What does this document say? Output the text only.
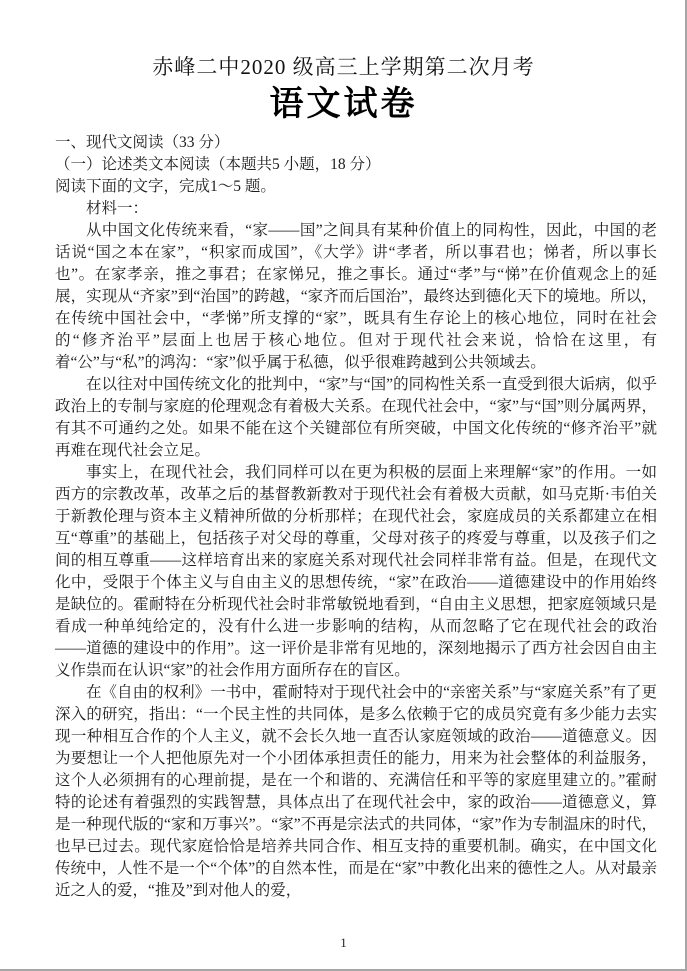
赤峰二中2020 级高三上学期第二次月考
语文试卷
一、现代文阅读（33 分）
（一）论述类文本阅读（本题共5 小题，18 分）
阅读下面的文字，完成1～5 题。
材料一：

从中国文化传统来看，“家——国”之间具有某种价值上的同构性，因此，中国的老话说“国之本在家”，“积家而成国”，《大学》讲“孝者，所以事君也；悌者，所以事长也”。在家孝亲，推之事君；在家悌兄，推之事长。通过“孝”与“悌”在价值观念上的延展，实现从“齐家”到“治国”的跨越，“家齐而后国治”，最终达到德化天下的境地。所以，在传统中国社会中，“孝悌”所支撑的“家”，既具有生存论上的核心地位，同时在社会的“修齐治平”层面上也居于核心地位。但对于现代社会来说，恰恰在这里，有着“公”与“私”的鸿沟：“家”似乎属于私德，似乎很难跨越到公共领域去。

在以往对中国传统文化的批判中，“家”与“国”的同构性关系一直受到很大诟病，似乎政治上的专制与家庭的伦理观念有着极大关系。在现代社会中，“家”与“国”则分属两界，有其不可通约之处。如果不能在这个关键部位有所突破，中国文化传统的“修齐治平”就再难在现代社会立足。

事实上，在现代社会，我们同样可以在更为积极的层面上来理解“家”的作用。一如西方的宗教改革，改革之后的基督教新教对于现代社会有着极大贡献，如马克斯·韦伯关于新教伦理与资本主义精神所做的分析那样；在现代社会，家庭成员的关系都建立在相互“尊重”的基础上，包括孩子对父母的尊重，父母对孩子的疼爱与尊重，以及孩子们之间的相互尊重——这样培育出来的家庭关系对现代社会同样非常有益。但是，在现代文化中，受限于个体主义与自由主义的思想传统，“家”在政治——道德建设中的作用始终是缺位的。霍耐特在分析现代社会时非常敏锐地看到，“自由主义思想，把家庭领域只是看成一种单纯给定的，没有什么进一步影响的结构，从而忽略了它在现代社会的政治——道德的建设中的作用”。这一评价是非常有见地的，深刻地揭示了西方社会因自由主义作祟而在认识“家”的社会作用方面所存在的盲区。

在《自由的权利》一书中，霍耐特对于现代社会中的“亲密关系”与“家庭关系”有了更深入的研究，指出：“一个民主性的共同体，是多么依赖于它的成员究竟有多少能力去实现一种相互合作的个人主义，就不会长久地一直否认家庭领域的政治——道德意义。因为要想让一个人把他原先对一个小团体承担责任的能力，用来为社会整体的利益服务，这个人必须拥有的心理前提，是在一个和谐的、充满信任和平等的家庭里建立的。”霍耐特的论述有着强烈的实践智慧，具体点出了在现代社会中，家的政治——道德意义，算是一种现代版的“家和万事兴”。“家”不再是宗法式的共同体，“家”作为专制温床的时代，也早已过去。现代家庭恰恰是培养共同合作、相互支持的重要机制。确实，在中国文化传统中，人性不是一个“个体”的自然本性，而是在“家”中教化出来的德性之人。从对最亲近之人的爱，“推及”到对他人的爱，

1
